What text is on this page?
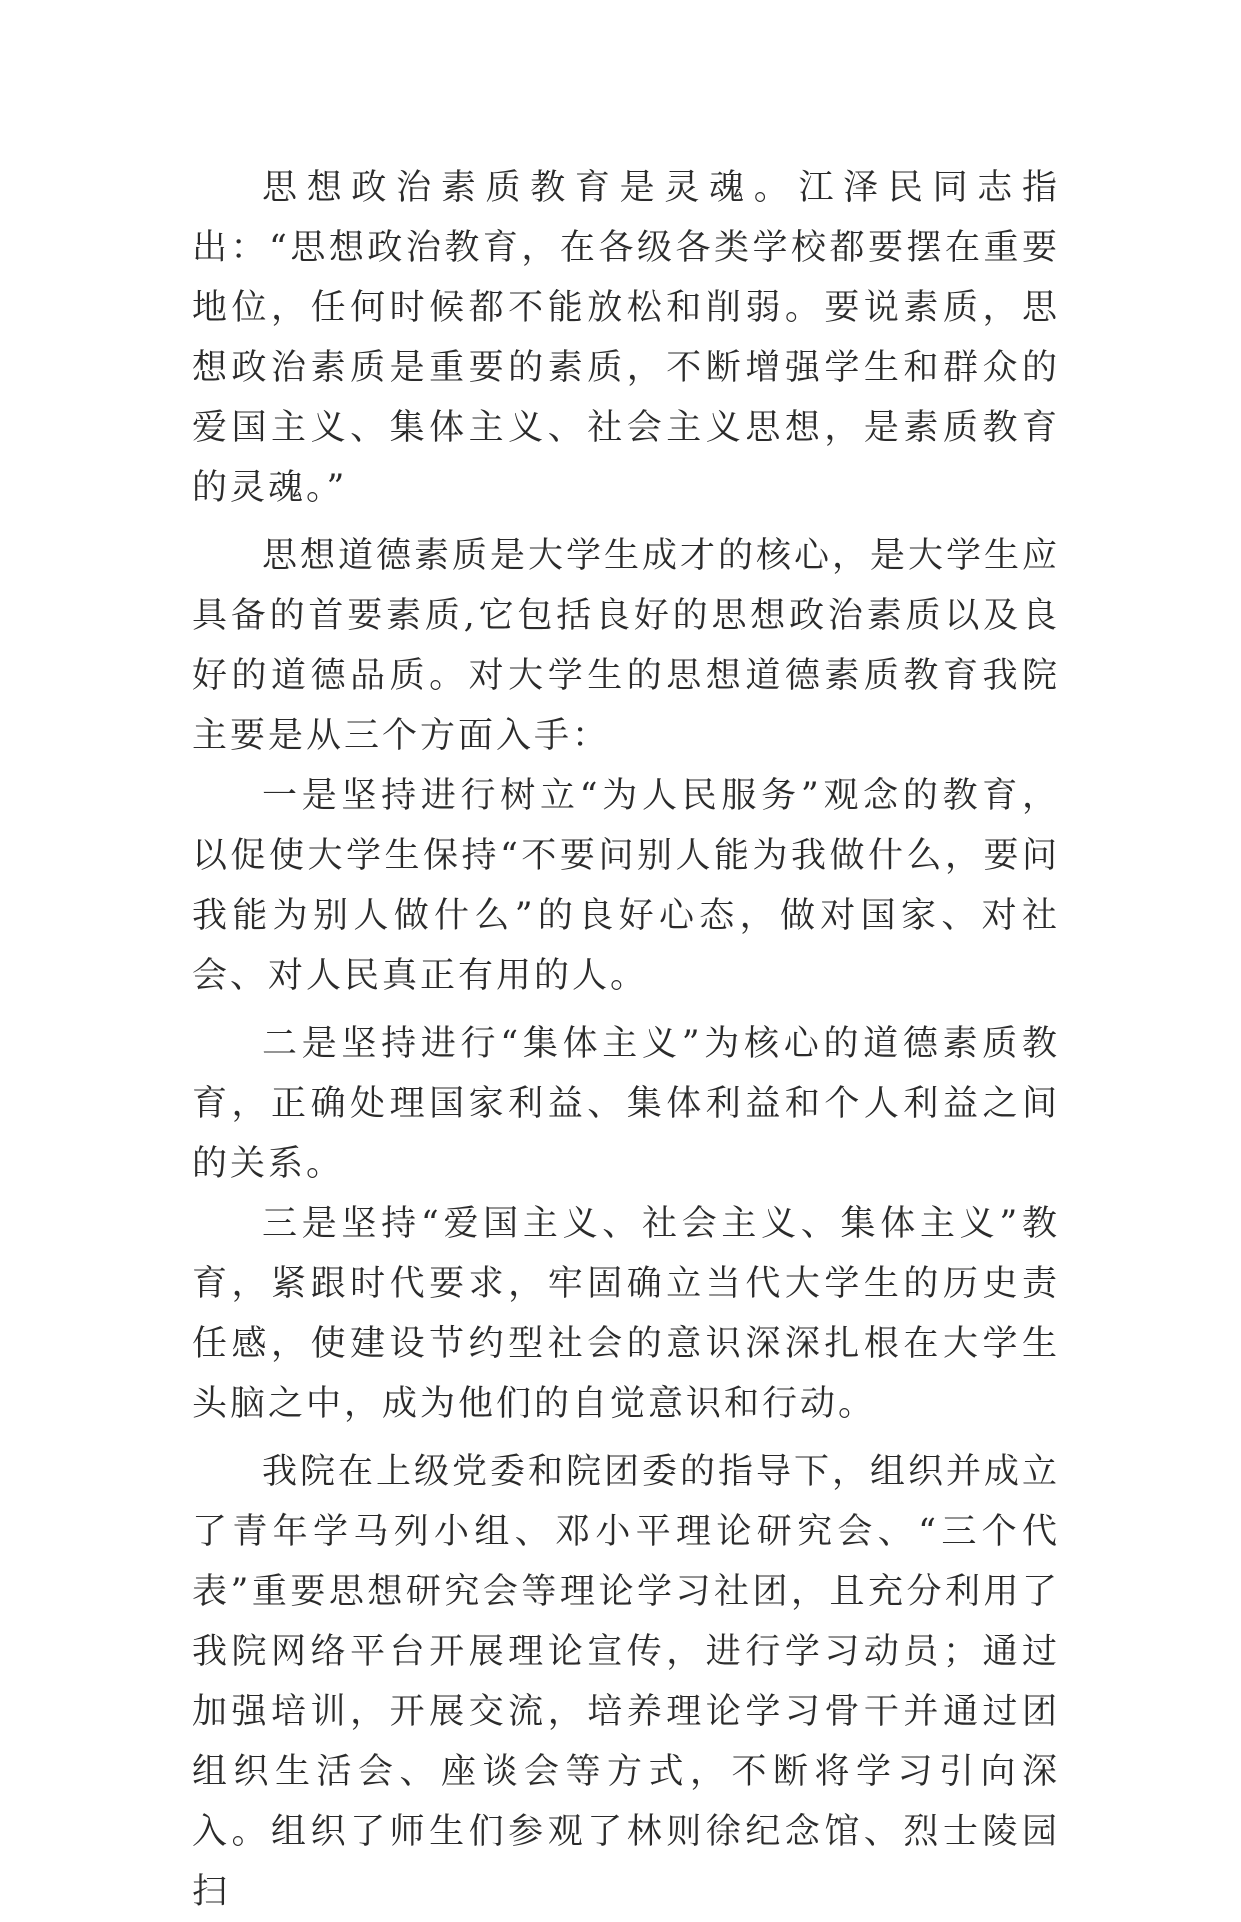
思想政治素质教育是灵魂。江泽民同志指出：“思想政治教育，在各级各类学校都要摆在重要地位，任何时候都不能放松和削弱。要说素质，思想政治素质是重要的素质，不断增强学生和群众的爱国主义、集体主义、社会主义思想，是素质教育的灵魂。”

思想道德素质是大学生成才的核心，是大学生应具备的首要素质,它包括良好的思想政治素质以及良好的道德品质。对大学生的思想道德素质教育我院主要是从三个方面入手：

一是坚持进行树立“为人民服务”观念的教育，以促使大学生保持“不要问别人能为我做什么，要问我能为别人做什么”的良好心态，做对国家、对社会、对人民真正有用的人。

二是坚持进行“集体主义”为核心的道德素质教育，正确处理国家利益、集体利益和个人利益之间的关系。

三是坚持“爱国主义、社会主义、集体主义”教育，紧跟时代要求，牢固确立当代大学生的历史责任感，使建设节约型社会的意识深深扎根在大学生头脑之中，成为他们的自觉意识和行动。

我院在上级党委和院团委的指导下，组织并成立了青年学马列小组、邓小平理论研究会、“三个代表”重要思想研究会等理论学习社团，且充分利用了我院网络平台开展理论宣传，进行学习动员；通过加强培训，开展交流，培养理论学习骨干并通过团组织生活会、座谈会等方式，不断将学习引向深入。组织了师生们参观了林则徐纪念馆、烈士陵园扫
